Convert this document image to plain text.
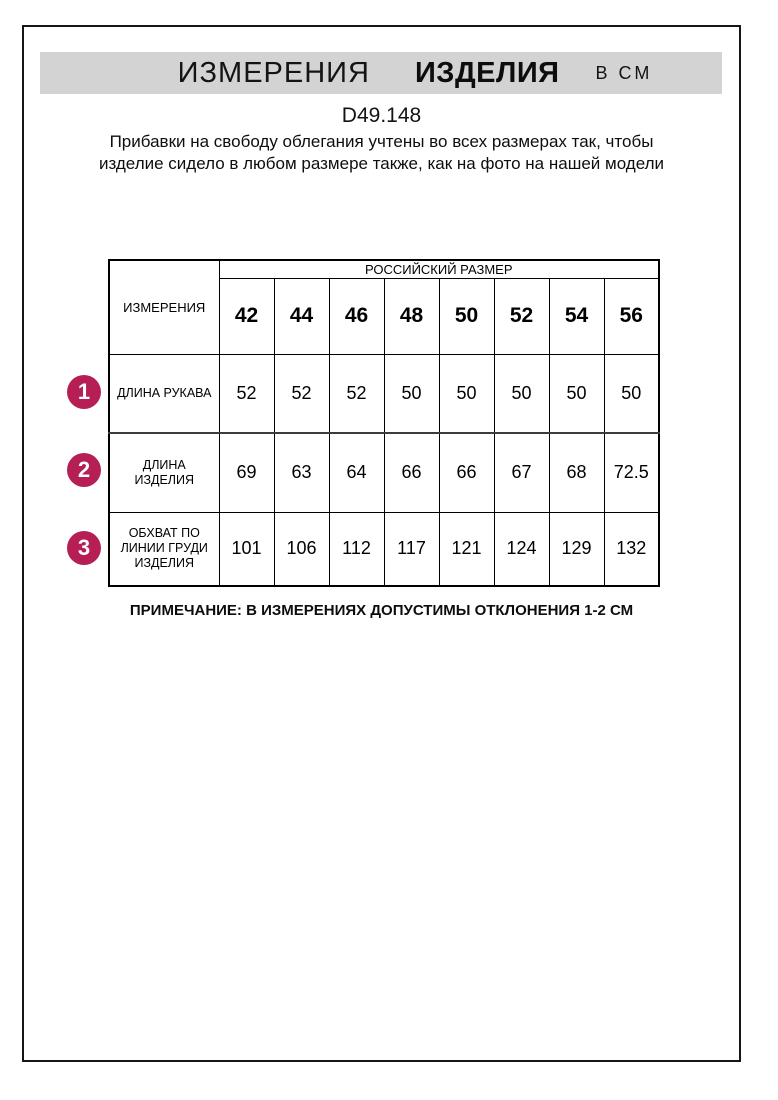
ИЗМЕРЕНИЯ ИЗДЕЛИЯ В СМ
D49.148

Прибавки на свободу облегания учтены во всех размерах так, чтобы изделие сидело в любом размере также, как на фото на нашей модели

ИЗМЕРЕНИЯ	РОССИЙСКИЙ РАЗМЕР							
	42	44	46	48	50	52	54	56

ДЛИНА РУКАВА	52	52	52	50	50	50	50	50

ДЛИНА
ИЗДЕЛИЯ	69	63	64	66	66	67	68	72.5

ОБХВАТ ПО
ЛИНИИ ГРУДИ
ИЗДЕЛИЯ	101	106	112	117	121	124	129	132
1
2
3
ПРИМЕЧАНИЕ: В ИЗМЕРЕНИЯХ ДОПУСТИМЫ ОТКЛОНЕНИЯ 1-2 СМ
